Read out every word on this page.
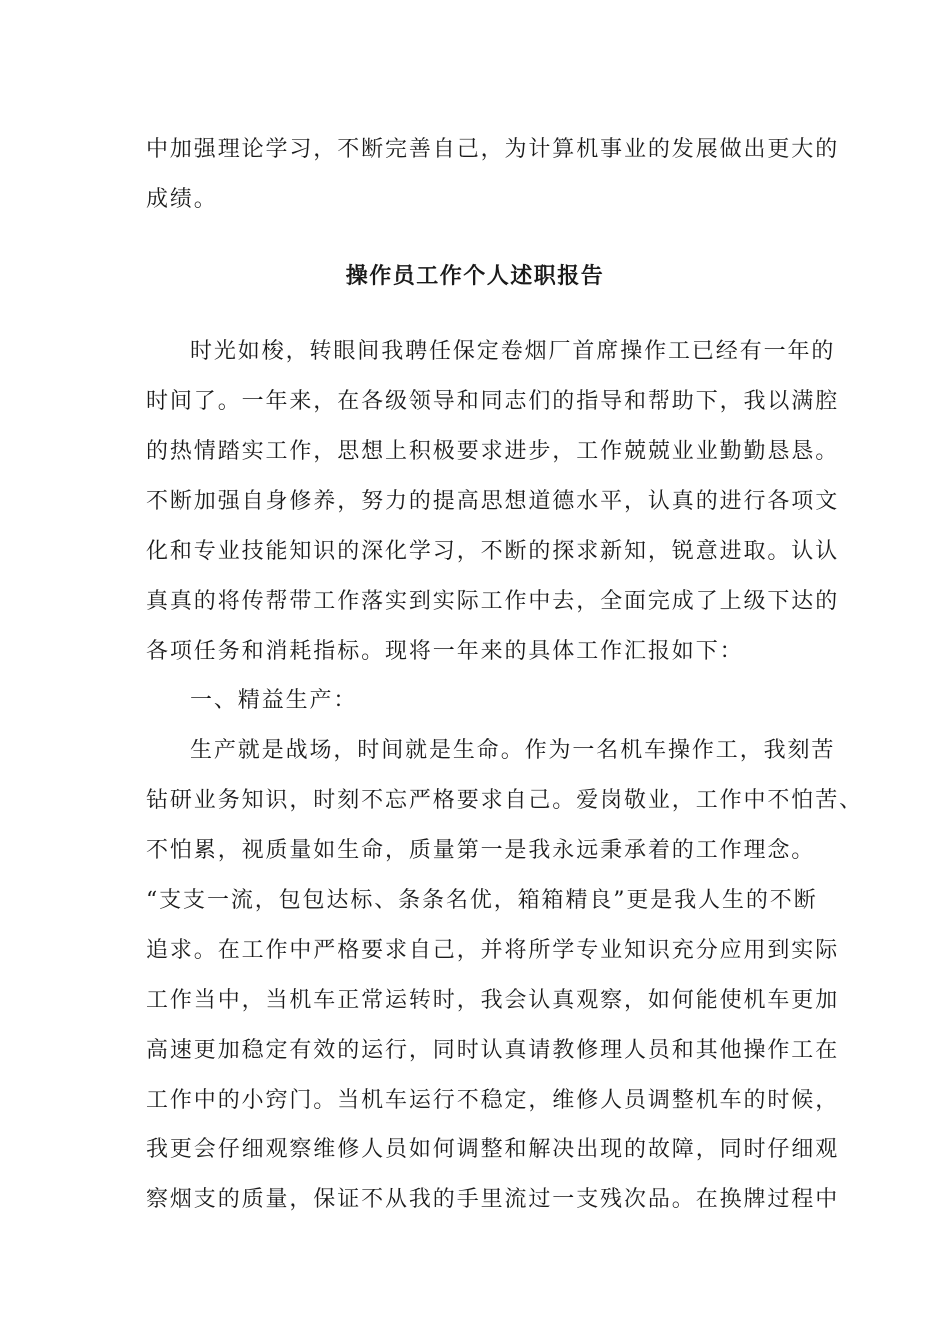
中加强理论学习，不断完善自己，为计算机事业的发展做出更大的
成绩。
操作员工作个人述职报告
时光如梭，转眼间我聘任保定卷烟厂首席操作工已经有一年的
时间了。一年来，在各级领导和同志们的指导和帮助下，我以满腔
的热情踏实工作，思想上积极要求进步，工作兢兢业业勤勤恳恳。
不断加强自身修养，努力的提高思想道德水平，认真的进行各项文
化和专业技能知识的深化学习，不断的探求新知，锐意进取。认认
真真的将传帮带工作落实到实际工作中去，全面完成了上级下达的
各项任务和消耗指标。现将一年来的具体工作汇报如下：
一、精益生产：
生产就是战场，时间就是生命。作为一名机车操作工，我刻苦
钻研业务知识，时刻不忘严格要求自己。爱岗敬业，工作中不怕苦、
不怕累，视质量如生命，质量第一是我永远秉承着的工作理念。
“支支一流，包包达标、条条名优，箱箱精良”更是我人生的不断
追求。在工作中严格要求自己，并将所学专业知识充分应用到实际
工作当中，当机车正常运转时，我会认真观察，如何能使机车更加
高速更加稳定有效的运行，同时认真请教修理人员和其他操作工在
工作中的小窍门。当机车运行不稳定，维修人员调整机车的时候，
我更会仔细观察维修人员如何调整和解决出现的故障，同时仔细观
察烟支的质量，保证不从我的手里流过一支残次品。在换牌过程中
